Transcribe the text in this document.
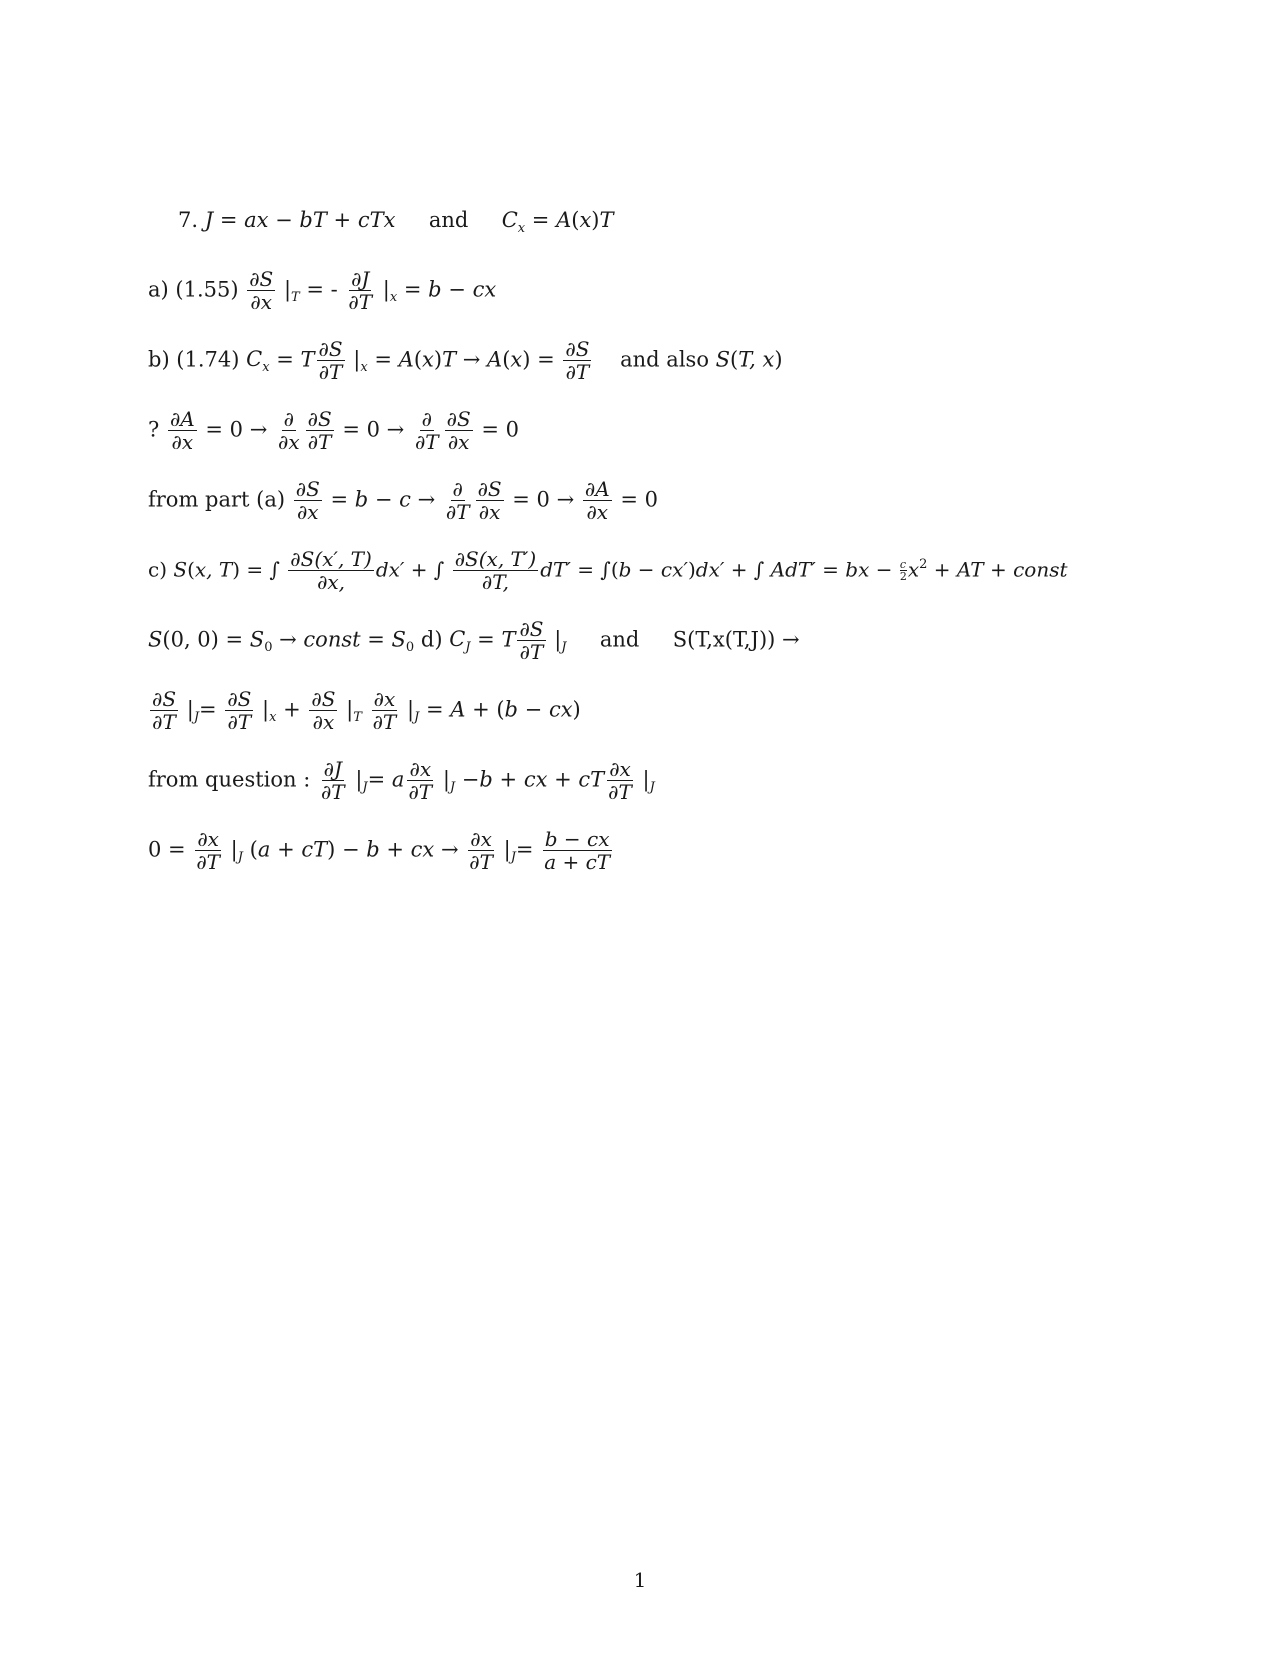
7. J = ax − bT + cTx     and     $C_x = A(x)T$
a) $(1.55) \frac{\partial S}{\partial x} |_T$ = - $\frac{\partial J}{\partial T} |_x = b$ − cx
b) (1.74) $C_x = T \frac{\partial S}{\partial T} |_x = A(x)T \to A(x) = \frac{\partial S}{\partial T}$ and also S(T, x)
? $\frac{\partial A}{\partial x} = 0 \to \frac{\partial}{\partial x} \frac{\partial S}{\partial T} = 0 \to \frac{\partial}{\partial T} \frac{\partial S}{\partial x} = 0$
from part $(a) \frac{\partial S}{\partial x} = b - c \to \frac{\partial}{\partial T} \frac{\partial S}{\partial x} = 0 \to \frac{\partial A}{\partial x} = 0$
c) S(x, T) = ∫ $\frac{\partial S(x', T)}{\partial x,} dx'$ + ∫ $\frac{\partial S(x, T')}{\partial T,} dT' = \int(b - cx')dx'$ + ∫ AdT′ = bx − $\frac{c}{2} x^2$ + AT + const
S(0, $0) = S_0$ → const = $S_0$ d) $C_J = T \frac{\partial S}{\partial T} |_J$     and     S(T,x(T,J)) →
$\frac{\partial S}{\partial T} |_J= \frac{\partial S}{\partial T} |_x + \frac{\partial S}{\partial x} |_T \frac{\partial x}{\partial T} |_J = A + (b - cx)$
from question : $\frac{\partial J}{\partial T} |_J= a \frac{\partial x}{\partial T} |_J -b$ + cx + cT $\frac{\partial x}{\partial T} |_J$
$0 = \frac{\partial x}{\partial T} |_J$ (a + cT) − b + cx → $\frac{\partial x}{\partial T} |_J= \frac{b - cx}{a + cT}$
1
